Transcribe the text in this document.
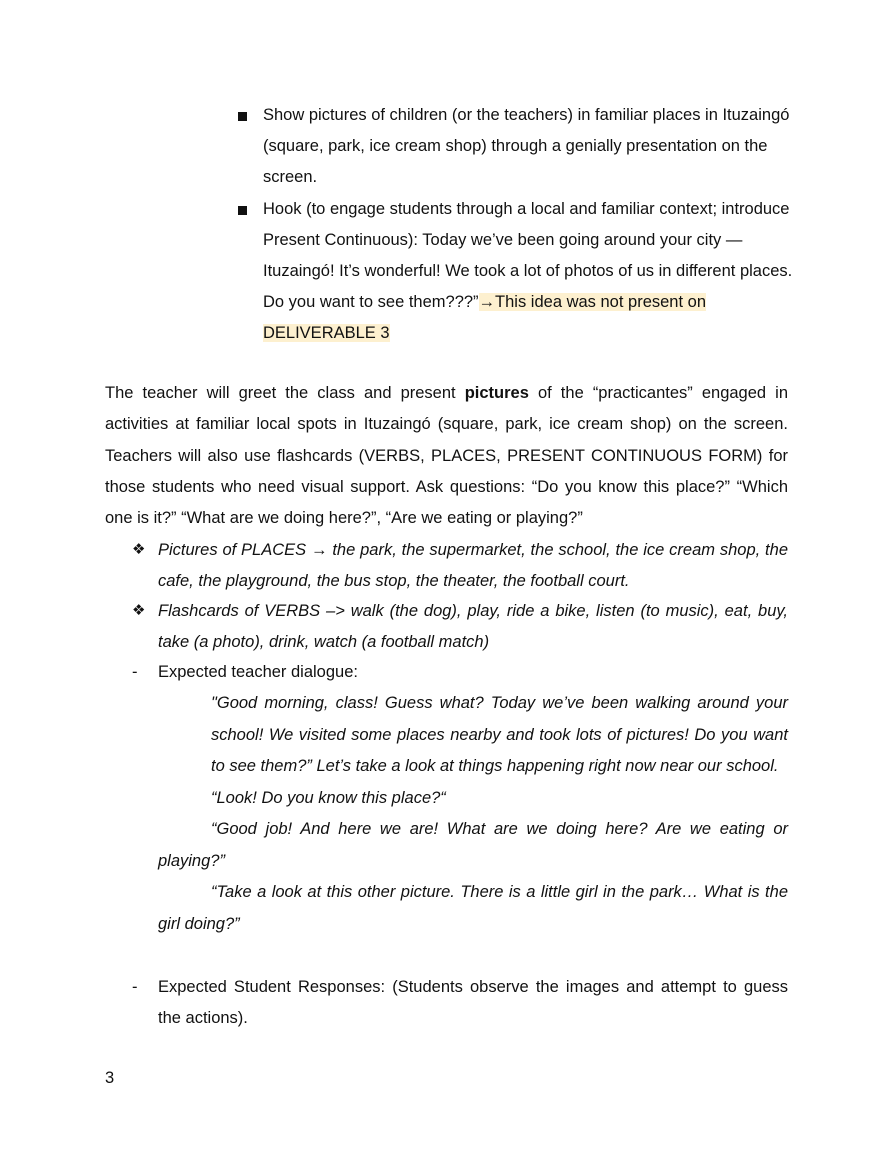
Show pictures of children (or the teachers) in familiar places in Ituzaingó (square, park, ice cream shop) through a genially presentation on the screen.
Hook (to engage students through a local and familiar context; introduce Present Continuous): Today we’ve been going around your city — Ituzaingó! It’s wonderful! We took a lot of photos of us in different places. Do you want to see them???”→This idea was not present on DELIVERABLE 3

The teacher will greet the class and present pictures of the “practicantes” engaged in activities at familiar local spots in Ituzaingó (square, park, ice cream shop) on the screen. Teachers will also use flashcards (VERBS, PLACES, PRESENT CONTINUOUS FORM) for those students who need visual support. Ask questions: “Do you know this place?” “Which one is it?” “What are we doing here?”, “Are we eating or playing?”

❖ Pictures of PLACES → the park, the supermarket, the school, the ice cream shop, the cafe, the playground, the bus stop, the theater, the football court.
❖ Flashcards of VERBS –> walk (the dog), play, ride a bike, listen (to music), eat, buy, take (a photo), drink, watch (a football match)
-	Expected teacher dialogue:

"Good morning, class! Guess what? Today we’ve been walking around your school! We visited some places nearby and took lots of pictures! Do you want to see them?” Let’s take a look at things happening right now near our school.

“Look! Do you know this place?“

“Good job! And here we are! What are we doing here? Are we eating or playing?”

“Take a look at this other picture. There is a little girl in the park… What is the girl doing?”

-	Expected Student Responses: (Students observe the images and attempt to guess the actions).
3
